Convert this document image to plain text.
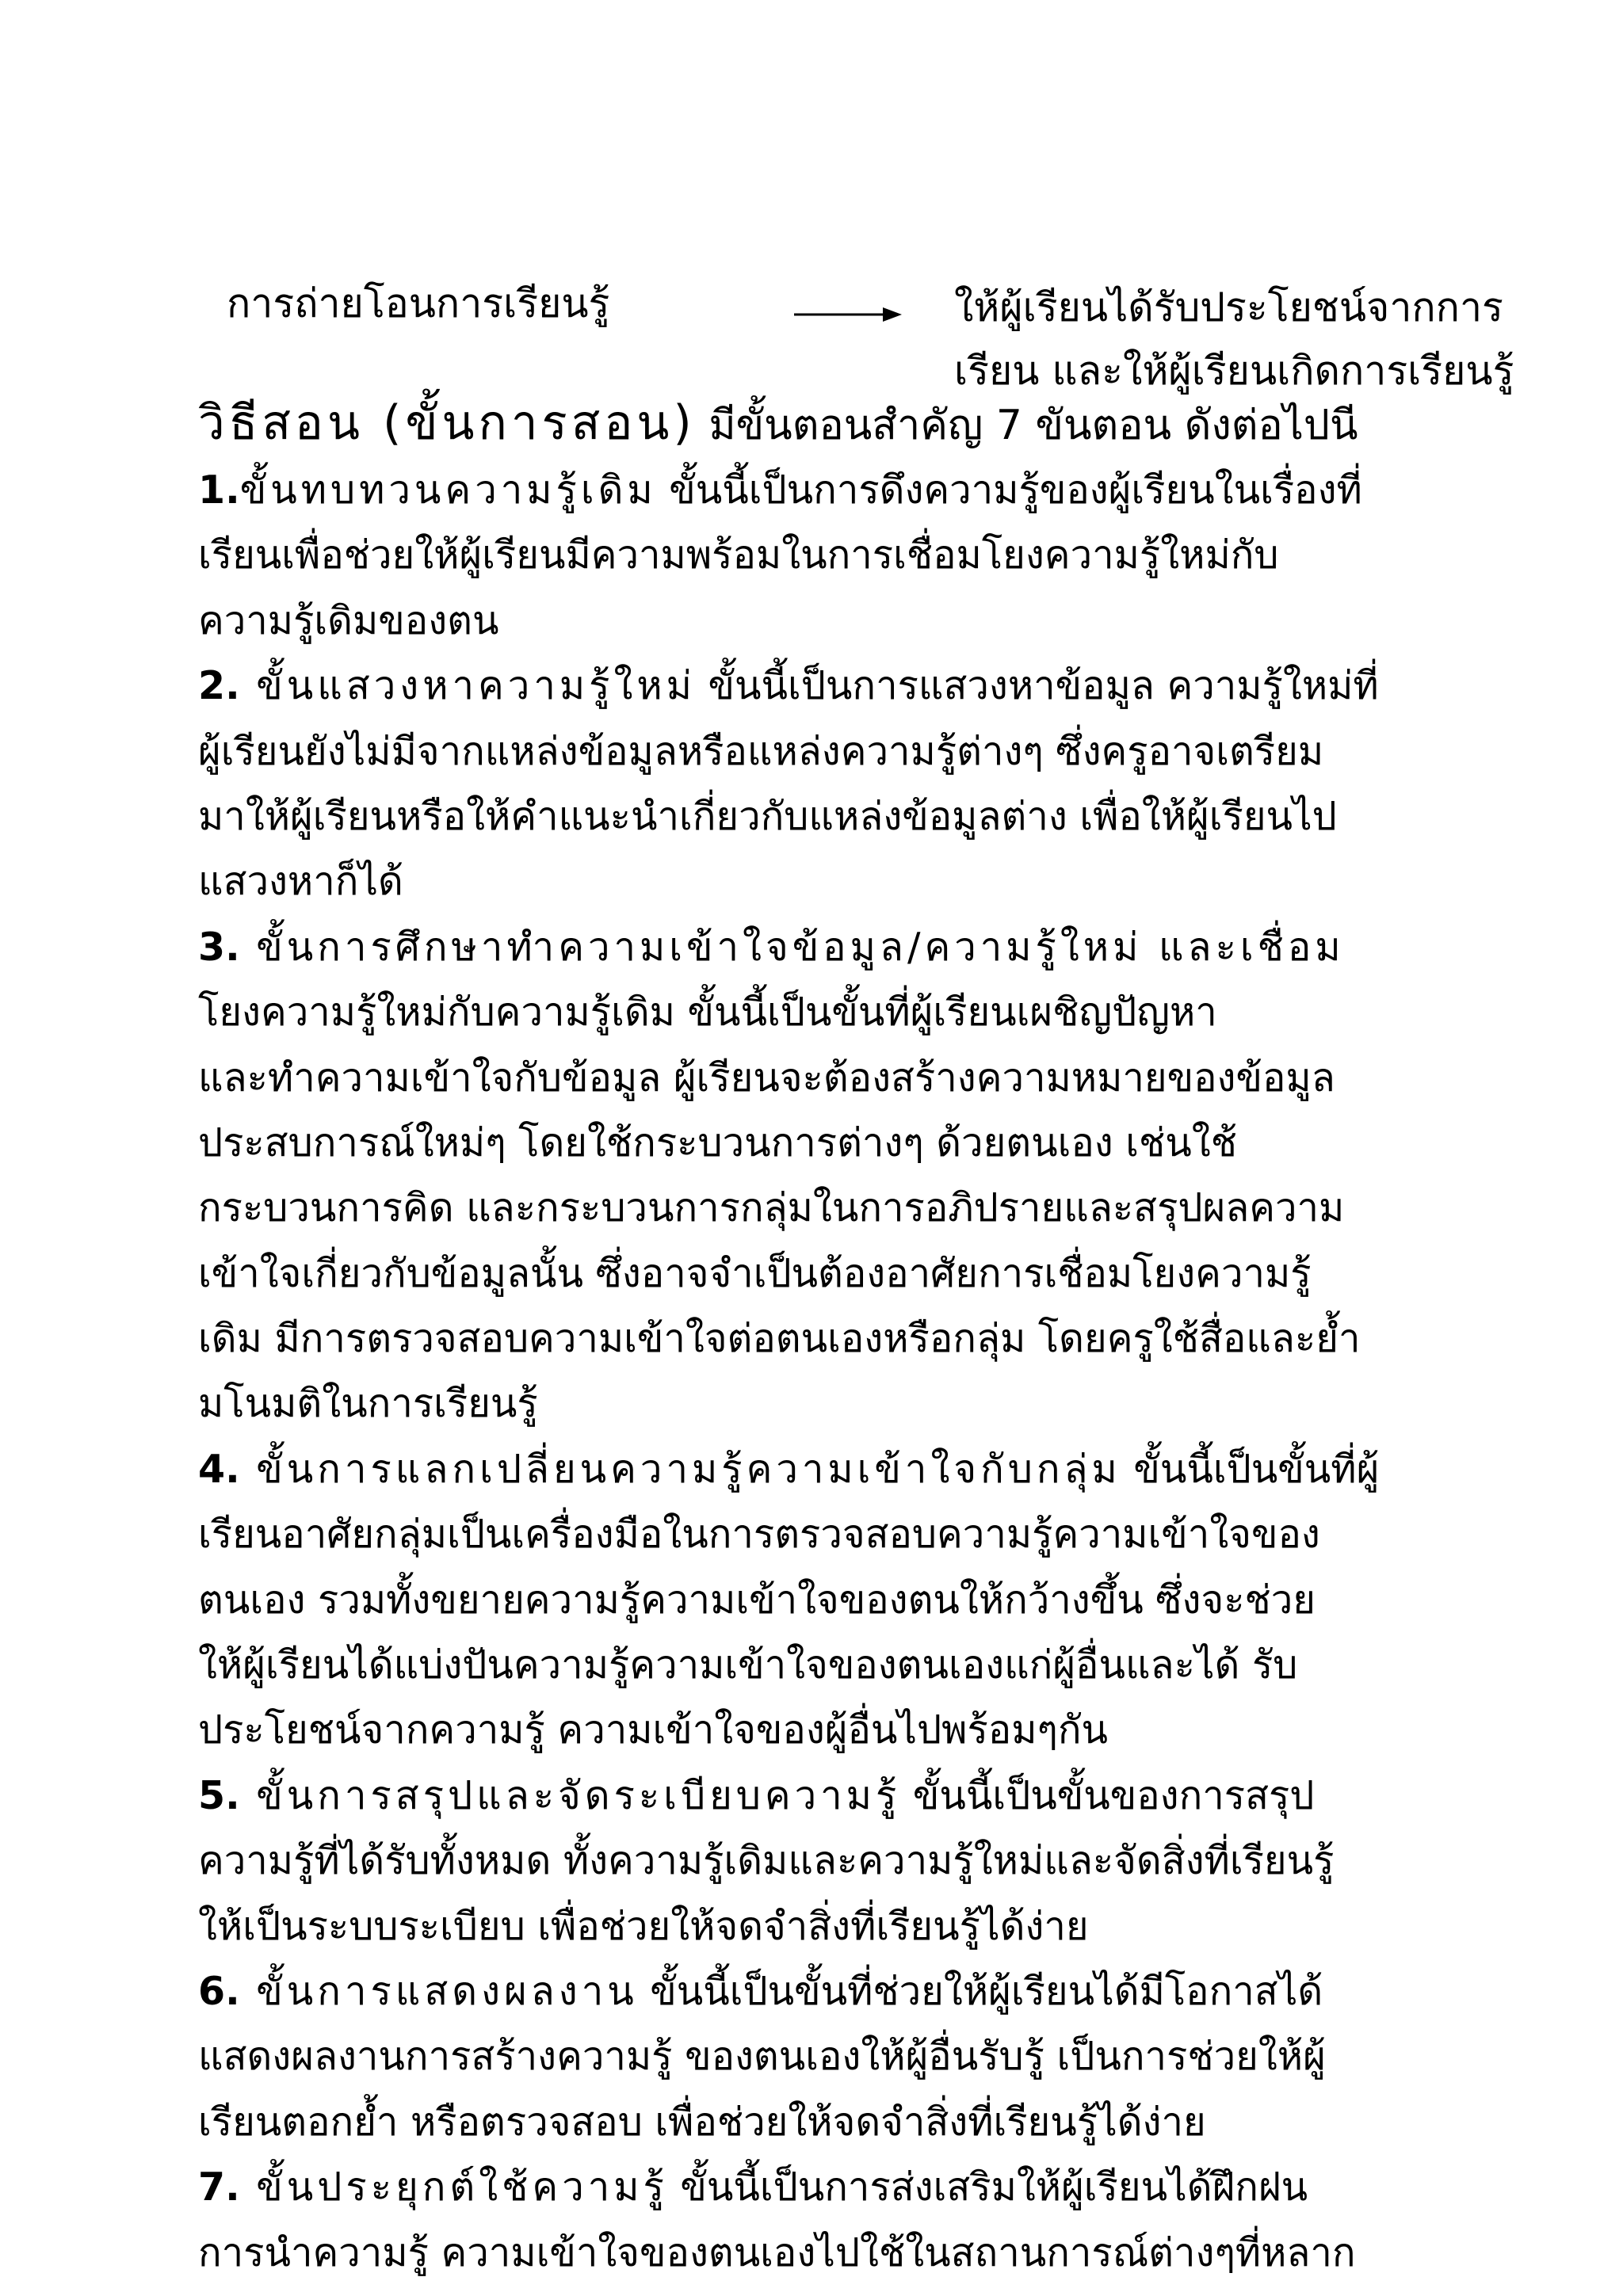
การถ่ายโอนการเรียนรู้	ให้ผู้เรียนได้รับประโยชน์จากการ
เรียน และให้ผู้เรียนเกิดการเรียนรู้
วิธีสอน (ขั้นการสอน) มีขั้นตอนสำคัญ 7 ขันตอน ดังต่อไปนี
1.ขั้นทบทวนความรู้เดิม ขั้นนี้เป็นการดึงความรู้ของผู้เรียนในเรื่องที่
เรียนเพื่อช่วยให้ผู้เรียนมีความพร้อมในการเชื่อมโยงความรู้ใหม่กับ
ความรู้เดิมของตน
2. ขั้นแสวงหาความรู้ใหม่ ขั้นนี้เป็นการแสวงหาข้อมูล ความรู้ใหม่ที่
ผู้เรียนยังไม่มีจากแหล่งข้อมูลหรือแหล่งความรู้ต่างๆ ซึ่งครูอาจเตรียม
มาให้ผู้เรียนหรือให้คำแนะนำเกี่ยวกับแหล่งข้อมูลต่าง เพื่อให้ผู้เรียนไป
แสวงหาก็ได้
3. ขั้นการศึกษาทำความเข้าใจข้อมูล/ความรู้ใหม่ และเชื่อม
โยงความรู้ใหม่กับความรู้เดิม ขั้นนี้เป็นขั้นที่ผู้เรียนเผชิญปัญหา
และทำความเข้าใจกับข้อมูล ผู้เรียนจะต้องสร้างความหมายของข้อมูล
ประสบการณ์ใหม่ๆ โดยใช้กระบวนการต่างๆ ด้วยตนเอง เช่นใช้
กระบวนการคิด และกระบวนการกลุ่มในการอภิปรายและสรุปผลความ
เข้าใจเกี่ยวกับข้อมูลนั้น ซึ่งอาจจำเป็นต้องอาศัยการเชื่อมโยงความรู้
เดิม มีการตรวจสอบความเข้าใจต่อตนเองหรือกลุ่ม โดยครูใช้สื่อและย้ำ
มโนมติในการเรียนรู้
4. ขั้นการแลกเปลี่ยนความรู้ความเข้าใจกับกลุ่ม ขั้นนี้เป็นขั้นที่ผู้
เรียนอาศัยกลุ่มเป็นเครื่องมือในการตรวจสอบความรู้ความเข้าใจของ
ตนเอง รวมทั้งขยายความรู้ความเข้าใจของตนให้กว้างขึ้น ซึ่งจะช่วย
ให้ผู้เรียนได้แบ่งปันความรู้ความเข้าใจของตนเองแก่ผู้อื่นและได้ รับ
ประโยชน์จากความรู้ ความเข้าใจของผู้อื่นไปพร้อมๆกัน
5. ขั้นการสรุปและจัดระเบียบความรู้ ขั้นนี้เป็นขั้นของการสรุป
ความรู้ที่ได้รับทั้งหมด ทั้งความรู้เดิมและความรู้ใหม่และจัดสิ่งที่เรียนรู้
ให้เป็นระบบระเบียบ เพื่อช่วยให้จดจำสิ่งที่เรียนรู้ได้ง่าย
6. ขั้นการแสดงผลงาน ขั้นนี้เป็นขั้นที่ช่วยให้ผู้เรียนได้มีโอกาสได้
แสดงผลงานการสร้างความรู้ ของตนเองให้ผู้อื่นรับรู้ เป็นการช่วยให้ผู้
เรียนตอกย้ำ หรือตรวจสอบ เพื่อช่วยให้จดจำสิ่งที่เรียนรู้ได้ง่าย
7. ขั้นประยุกต์ใช้ความรู้ ขั้นนี้เป็นการส่งเสริมให้ผู้เรียนได้ฝึกฝน
การนำความรู้ ความเข้าใจของตนเองไปใช้ในสถานการณ์ต่างๆที่หลาก
